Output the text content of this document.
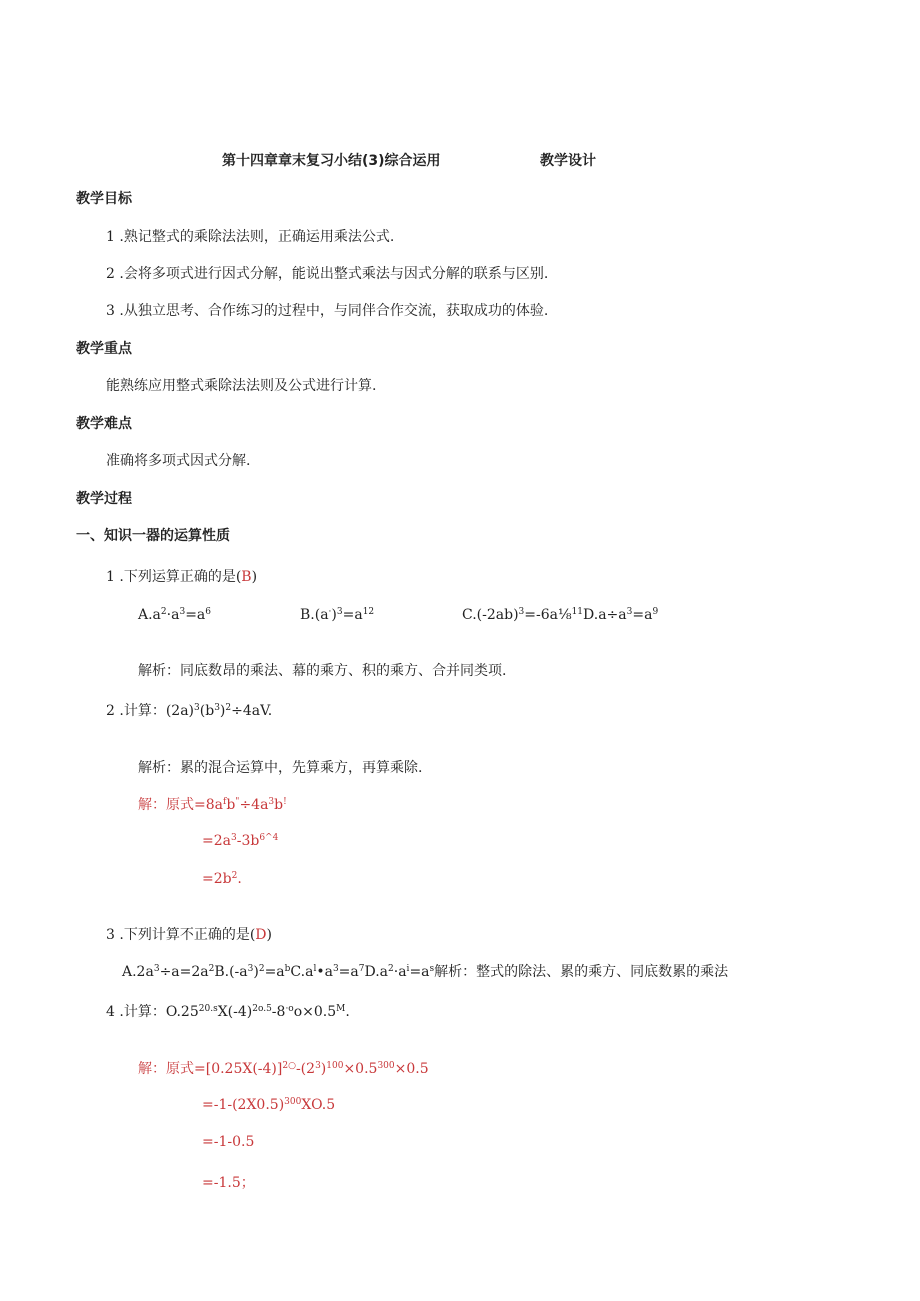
第十四章章末复习小结(3)综合运用	教学设计
教学目标
1 .熟记整式的乘除法法则，正确运用乘法公式.
2 .会将多项式进行因式分解，能说出整式乘法与因式分解的联系与区别.
3 .从独立思考、合作练习的过程中，与同伴合作交流，获取成功的体验.
教学重点
能熟练应用整式乘除法法则及公式进行计算.
教学难点
准确将多项式因式分解.
教学过程
一、知识一器的运算性质
1 .下列运算正确的是(B)
$A.a^2\cdot a^3=a^6$	$B.(a^\cdot)^3=a^{12}$	$C.(-2ab)^3=-6a\frac{1}{8}^{11}D.a\div a^3=a^9$
解析：同底数昂的乘法、幕的乘方、积的乘方、合并同类项.
2 .计算：$(2a)^3(b^3)^2\div 4aV$.
解析：累的混合运算中，先算乘方，再算乘除.
解：原式$=8a^fb^"\div 4a^3b^!$
$=2a^3-3b^{6\^{}4}$
$=2b^2$.
3 .下列计算不正确的是(D)
$A.2a^3\div a=2a^2B.(-a^3)^2=a^bC.a^l•a^3=a^7D.a^2\cdot a^i=a^s$解析：整式的除法、累的乘方、同底数累的乘法
4 .计算：$O.25^{20.s}X(-4)^{2o.5}-8^{\cdot o}o\times 0.5^M$.
解：原式$=[0.25X(-4)]^{2○}-(2^3)^{100}\times 0.5^{300}\times 0.5$
$=-1-(2X0.5)^{300}XO.5$
=-1-0.5
=-1.5；
